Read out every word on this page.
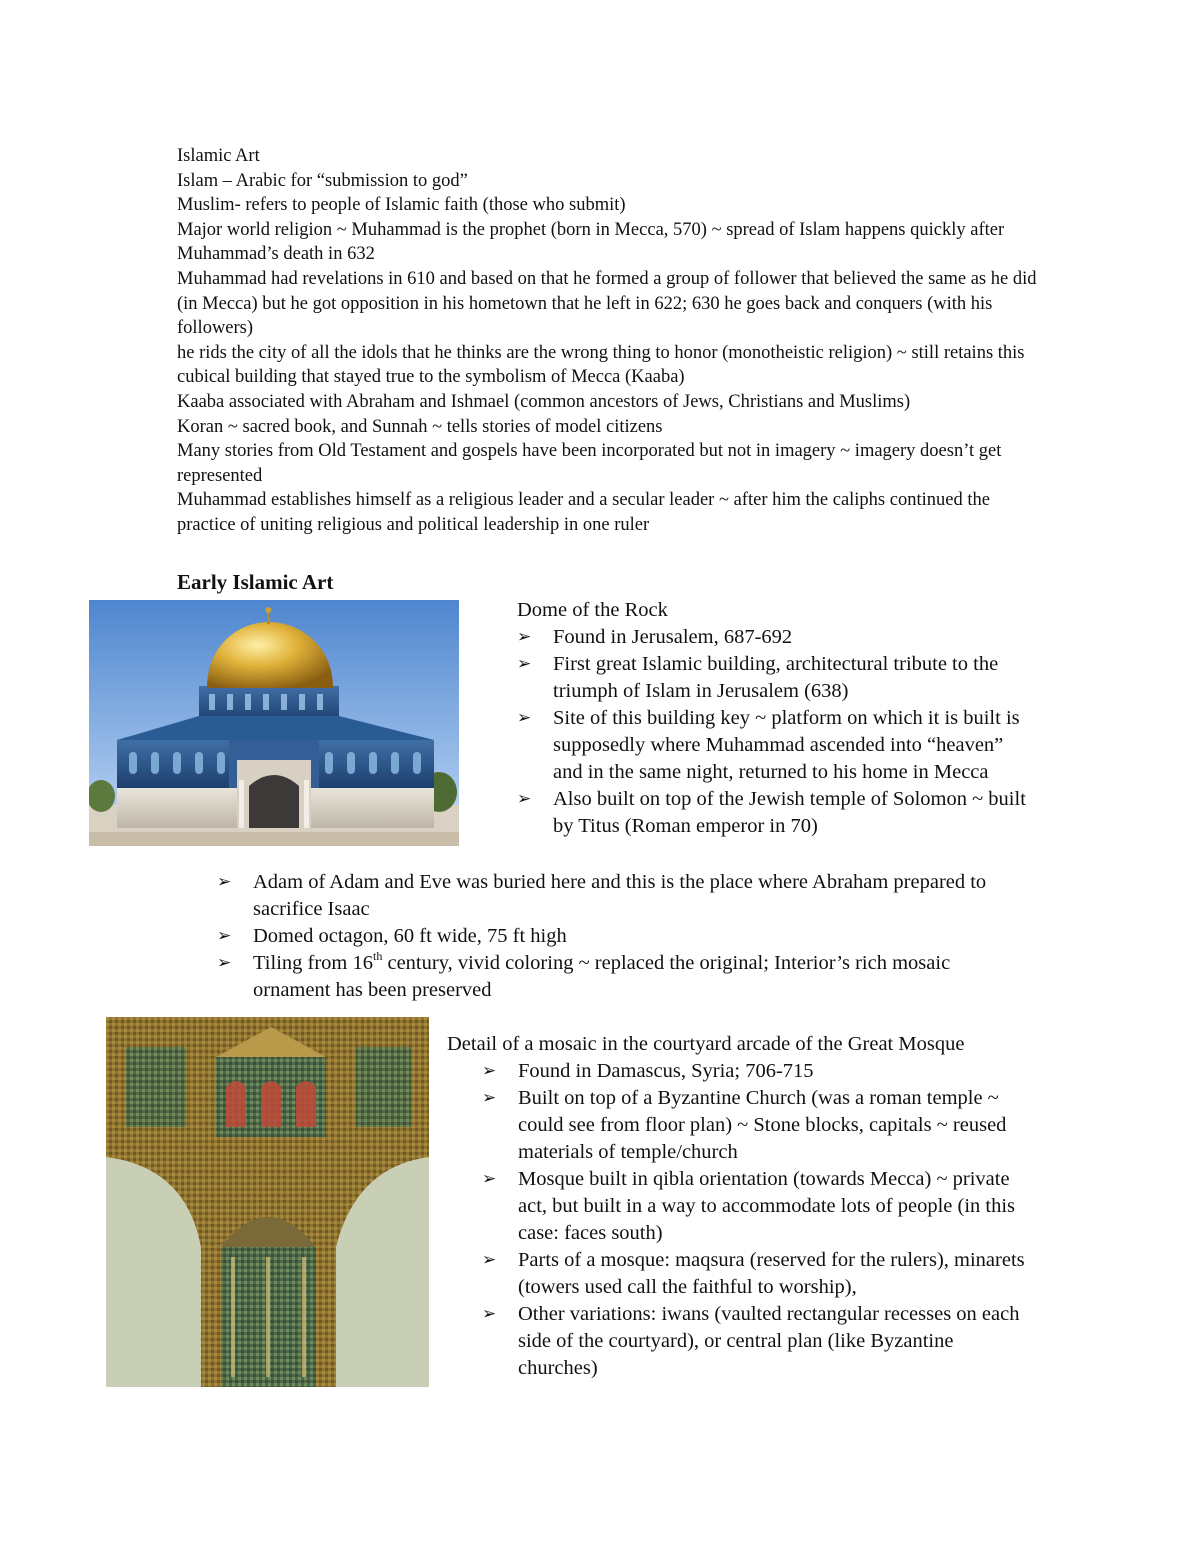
Islamic Art

Islam – Arabic for “submission to god”

Muslim- refers to people of Islamic faith (those who submit)

Major world religion ~ Muhammad is the prophet (born in Mecca, 570) ~ spread of Islam happens quickly after Muhammad’s death in 632

Muhammad had revelations in 610 and based on that he formed a group of follower that believed the same as he did (in Mecca) but he got opposition in his hometown that he left in 622; 630 he goes back and conquers (with his followers)

he rids the city of all the idols that he thinks are the wrong thing to honor (monotheistic religion) ~ still retains this cubical building that stayed true to the symbolism of Mecca (Kaaba)

Kaaba associated with Abraham and Ishmael (common ancestors of Jews, Christians and Muslims)

Koran ~ sacred book, and Sunnah ~ tells stories of model citizens

Many stories from Old Testament and gospels have been incorporated but not in imagery ~ imagery doesn’t get represented

Muhammad establishes himself as a religious leader and a secular leader ~ after him the caliphs continued the practice of uniting religious and political leadership in one ruler

Early Islamic Art

Dome of the Rock

➢	Found in Jerusalem, 687-692
➢	First great Islamic building, architectural tribute to the triumph of Islam in Jerusalem (638)
➢	Site of this building key ~ platform on which it is built is supposedly where Muhammad ascended into “heaven” and in the same night, returned to his home in Mecca
➢	Also built on top of the Jewish temple of Solomon ~ built by Titus (Roman emperor in 70)
➢	Adam of Adam and Eve was buried here and this is the place where Abraham prepared to sacrifice Isaac
➢	Domed octagon, 60 ft wide, 75 ft high
➢	Tiling from 16th century, vivid coloring ~ replaced the original; Interior’s rich mosaic ornament has been preserved

Detail of a mosaic in the courtyard arcade of the Great Mosque

➢	Found in Damascus, Syria; 706-715
➢	Built on top of a Byzantine Church (was a roman temple ~ could see from floor plan) ~ Stone blocks, capitals ~ reused materials of temple/church
➢	Mosque built in qibla orientation (towards Mecca) ~ private act, but built in a way to accommodate lots of people (in this case: faces south)
➢	Parts of a mosque: maqsura (reserved for the rulers), minarets (towers used call the faithful to worship),
➢	Other variations: iwans (vaulted rectangular recesses on each side of the courtyard), or central plan (like Byzantine churches)
